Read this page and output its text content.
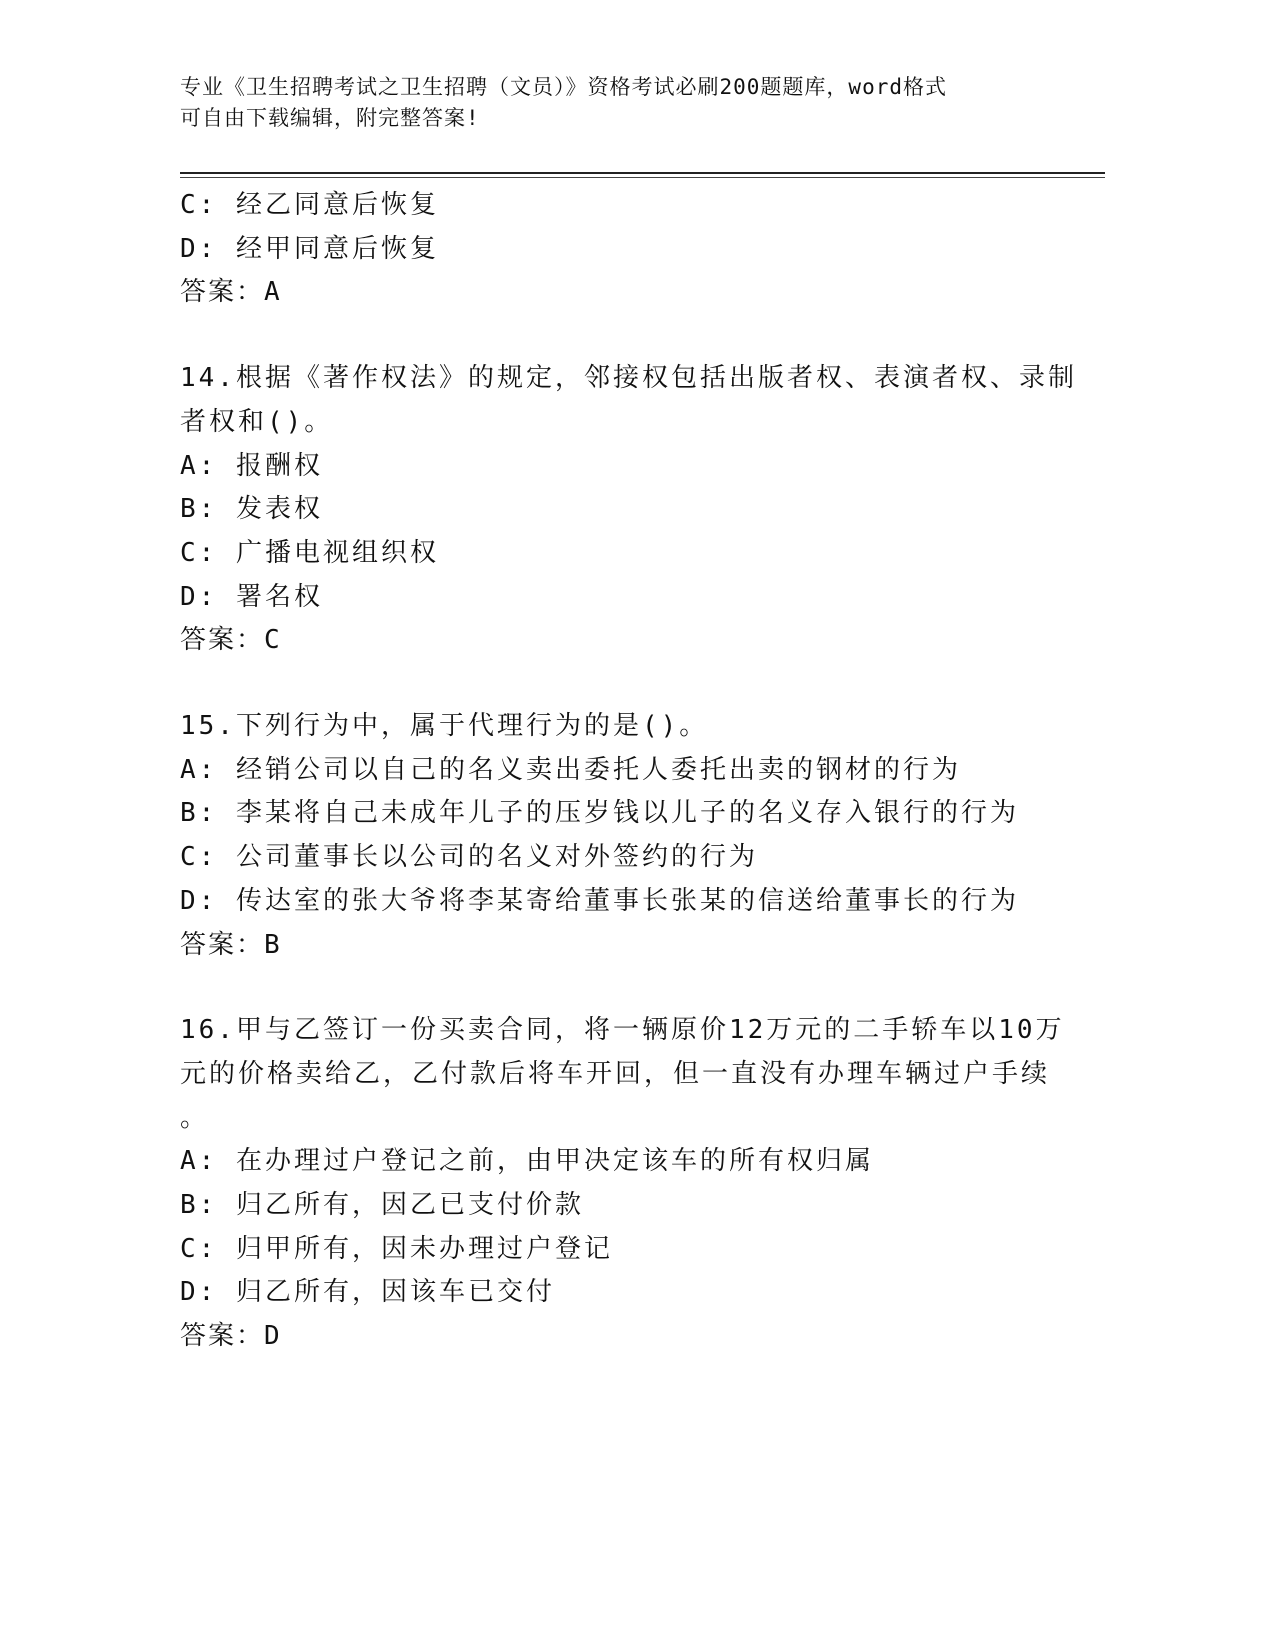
专业《卫生招聘考试之卫生招聘（文员）》资格考试必刷200题题库，word格式
可自由下载编辑，附完整答案!

C: 经乙同意后恢复

D: 经甲同意后恢复

答案：A

14.根据《著作权法》的规定，邻接权包括出版者权、表演者权、录制

者权和()。

A: 报酬权

B: 发表权

C: 广播电视组织权

D: 署名权

答案：C

15.下列行为中，属于代理行为的是()。

A: 经销公司以自己的名义卖出委托人委托出卖的钢材的行为

B: 李某将自己未成年儿子的压岁钱以儿子的名义存入银行的行为

C: 公司董事长以公司的名义对外签约的行为

D: 传达室的张大爷将李某寄给董事长张某的信送给董事长的行为

答案：B

16.甲与乙签订一份买卖合同，将一辆原价12万元的二手轿车以10万

元的价格卖给乙，乙付款后将车开回，但一直没有办理车辆过户手续

。

A: 在办理过户登记之前，由甲决定该车的所有权归属

B: 归乙所有，因乙已支付价款

C: 归甲所有，因未办理过户登记

D: 归乙所有，因该车已交付

答案：D
